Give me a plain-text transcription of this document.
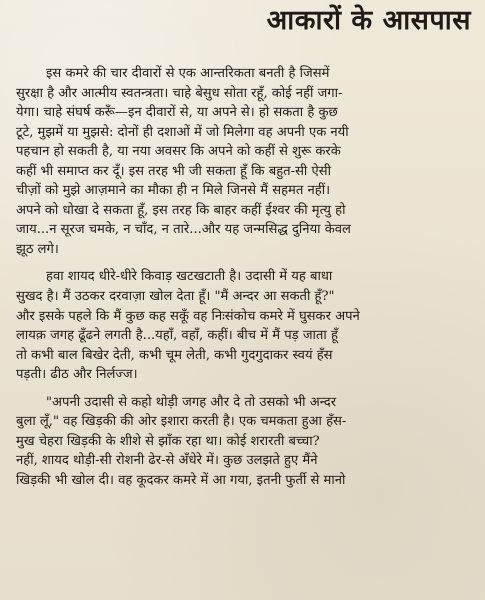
आकारों के आसपास

इस कमरे की चार दीवारों से एक आन्तरिकता बनती है जिसमें
सुरक्षा है और आत्मीय स्वतन्त्रता। चाहे बेसुध सोता रहूँ, कोई नहीं जगा-
येगा। चाहे संघर्ष करूँ—इन दीवारों से, या अपने से। हो सकता है कुछ
टूटे, मुझमें या मुझसे: दोनों ही दशाओं में जो मिलेगा वह अपनी एक नयी
पहचान हो सकती है, या नया अवसर कि अपने को कहीं से शुरू करके
कहीं भी समाप्त कर दूँ। इस तरह भी जी सकता हूँ कि बहुत-सी ऐसी
चीज़ों को मुझे आज़माने का मौका ही न मिले जिनसे मैं सहमत नहीं।
अपने को धोखा दे सकता हूँ, इस तरह कि बाहर कहीं ईश्वर की मृत्यु हो
जाय...न सूरज चमके, न चाँद, न तारे...और यह जन्मसिद्ध दुनिया केवल
झूठ लगे।

हवा शायद धीरे-धीरे किवाड़ खटखटाती है। उदासी में यह बाधा
सुखद है। मैं उठकर दरवाज़ा खोल देता हूँ। "मैं अन्दर आ सकती हूँ?"
और इसके पहले कि मैं कुछ कह सकूँ वह निःसंकोच कमरे में घुसकर अपने
लायक़ जगह ढूँढने लगती है...यहाँ, वहाँ, कहीं। बीच में मैं पड़ जाता हूँ
तो कभी बाल बिखेर देती, कभी चूम लेती, कभी गुदगुदाकर स्वयं हँस
पड़ती। ढीठ और निर्लज्ज।

"अपनी उदासी से कहो थोड़ी जगह और दे तो उसको भी अन्दर
बुला लूँ," वह खिड़की की ओर इशारा करती है। एक चमकता हुआ हँस-
मुख चेहरा खिड़की के शीशे से झाँक रहा था। कोई शरारती बच्चा?
नहीं, शायद थोड़ी-सी रोशनी ढेर-से अँधेरे में। कुछ उलझते हुए मैंने
खिड़की भी खोल दी। वह कूदकर कमरे में आ गया, इतनी फुर्ती से मानो
